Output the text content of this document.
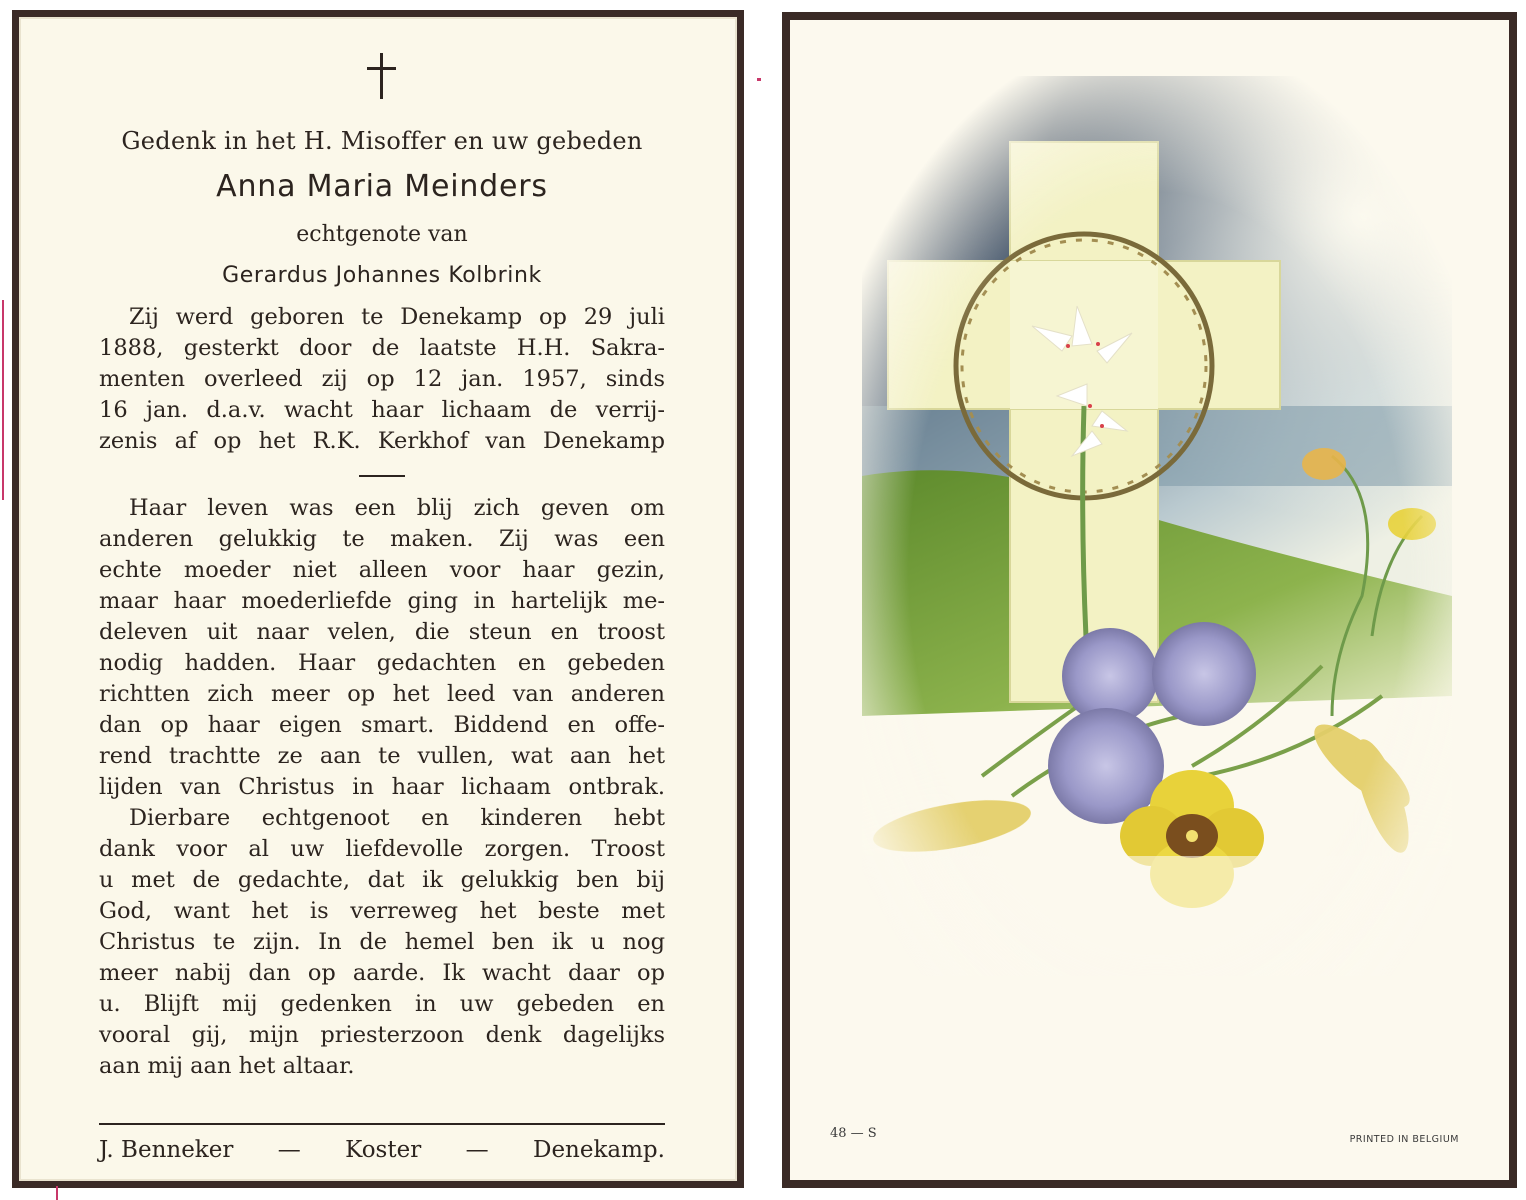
Gedenk in het H. Misoffer en uw gebeden
Anna Maria Meinders
echtgenote van
Gerardus Johannes Kolbrink
Zij werd geboren te Denekamp op 29 juli
1888, gesterkt door de laatste H.H. Sakra-
menten overleed zij op 12 jan. 1957, sinds
16 jan. d.a.v. wacht haar lichaam de verrij-
zenis af op het R.K. Kerkhof van Denekamp
Haar leven was een blij zich geven om
anderen gelukkig te maken. Zij was een
echte moeder niet alleen voor haar gezin,
maar haar moederliefde ging in hartelijk me-
deleven uit naar velen, die steun en troost
nodig hadden. Haar gedachten en gebeden
richtten zich meer op het leed van anderen
dan op haar eigen smart. Biddend en offe-
rend trachtte ze aan te vullen, wat aan het
lijden van Christus in haar lichaam ontbrak.
Dierbare echtgenoot en kinderen hebt
dank voor al uw liefdevolle zorgen. Troost
u met de gedachte, dat ik gelukkig ben bij
God, want het is verreweg het beste met
Christus te zijn. In de hemel ben ik u nog
meer nabij dan op aarde. Ik wacht daar op
u. Blijft mij gedenken in uw gebeden en
vooral gij, mijn priesterzoon denk dagelijks
aan mij aan het altaar.
J. Benneker — Koster — Denekamp.
48 — S	PRINTED IN BELGIUM
